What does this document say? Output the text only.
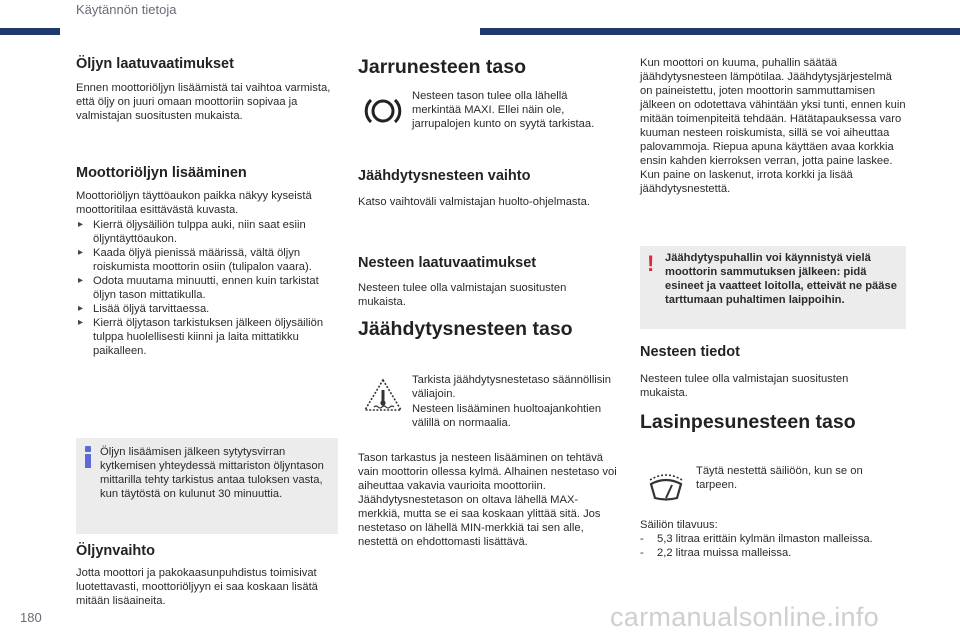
Käytännön tietoja
Öljyn laatuvaatimukset

Ennen moottoriöljyn lisäämistä tai vaihtoa varmista, että öljy on juuri omaan moottoriin sopivaa ja valmistajan suositusten mukaista.

Moottoriöljyn lisääminen

Moottoriöljyn täyttöaukon paikka näkyy kyseistä moottoritilaa esittävästä kuvasta.

▸ Kierrä öljysäiliön tulppa auki, niin saat esiin öljyntäyttöaukon.
▸ Kaada öljyä pienissä määrissä, vältä öljyn roiskumista moottorin osiin (tulipalon vaara).
▸ Odota muutama minuutti, ennen kuin tarkistat öljyn tason mittatikulla.
▸ Lisää öljyä tarvittaessa.
▸ Kierrä öljytason tarkistuksen jälkeen öljysäiliön tulppa huolellisesti kiinni ja laita mittatikku paikalleen.

Öljyn lisäämisen jälkeen sytytysvirran kytkemisen yhteydessä mittariston öljyntason mittarilla tehty tarkistus antaa tuloksen vasta, kun täytöstä on kulunut 30 minuuttia.

Öljynvaihto

Jotta moottori ja pakokaasunpuhdistus toimisivat luotettavasti, moottoriöljyyn ei saa koskaan lisätä mitään lisäaineita.

Jarrunesteen taso

Nesteen tason tulee olla lähellä merkintää MAXI. Ellei näin ole, jarrupalojen kunto on syytä tarkistaa.

Jäähdytysnesteen vaihto

Katso vaihtoväli valmistajan huolto-ohjelmasta.

Nesteen laatuvaatimukset

Nesteen tulee olla valmistajan suositusten mukaista.

Jäähdytysnesteen taso

Tarkista jäähdytysnestetaso säännöllisin väliajoin.

Nesteen lisääminen huoltoajankohtien välillä on normaalia.

Tason tarkastus ja nesteen lisääminen on tehtävä vain moottorin ollessa kylmä. Alhainen nestetaso voi aiheuttaa vakavia vaurioita moottoriin. Jäähdytysnestetason on oltava lähellä MAX-merkkiä, mutta se ei saa koskaan ylittää sitä. Jos nestetaso on lähellä MIN-merkkiä tai sen alle, nestettä on ehdottomasti lisättävä.

Kun moottori on kuuma, puhallin säätää jäähdytysnesteen lämpötilaa. Jäähdytysjärjestelmä on paineistettu, joten moottorin sammuttamisen jälkeen on odotettava vähintään yksi tunti, ennen kuin mitään toimenpiteitä tehdään. Hätätapauksessa varo kuuman nesteen roiskumista, sillä se voi aiheuttaa palovammoja. Riepua apuna käyttäen avaa korkkia ensin kahden kierroksen verran, jotta paine laskee. Kun paine on laskenut, irrota korkki ja lisää jäähdytysnestettä.

! Jäähdytyspuhallin voi käynnistyä vielä moottorin sammutuksen jälkeen: pidä esineet ja vaatteet loitolla, etteivät ne pääse tarttumaan puhaltimen laippoihin.

Nesteen tiedot

Nesteen tulee olla valmistajan suositusten mukaista.

Lasinpesunesteen taso

Täytä nestettä säiliöön, kun se on tarpeen.

Säiliön tilavuus:

- 5,3 litraa erittäin kylmän ilmaston malleissa.
- 2,2 litraa muissa malleissa.
180	carmanualsonline.info
